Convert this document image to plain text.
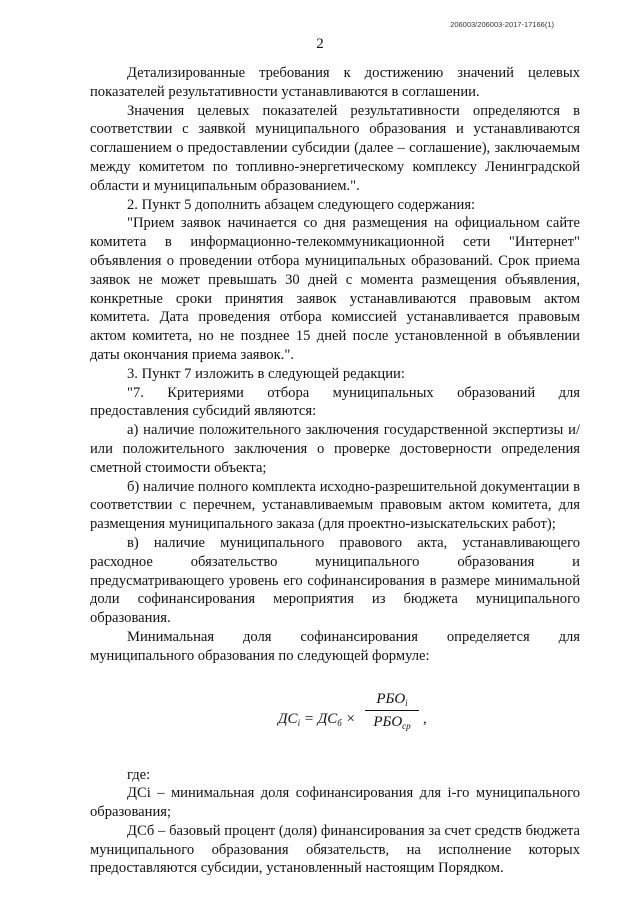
206003/206003-2017-17166(1)
2

Детализированные требования к достижению значений целевых показателей результативности устанавливаются в соглашении.

Значения целевых показателей результативности определяются в соответствии с заявкой муниципального образования и устанавливаются соглашением о предоставлении субсидии (далее – соглашение), заключаемым между комитетом по топливно-энергетическому комплексу Ленинградской области и муниципальным образованием.".

2. Пункт 5 дополнить абзацем следующего содержания:

"Прием заявок начинается со дня размещения на официальном сайте комитета в информационно-телекоммуникационной сети "Интернет" объявления о проведении отбора муниципальных образований. Срок приема заявок не может превышать 30 дней с момента размещения объявления, конкретные сроки принятия заявок устанавливаются правовым актом комитета. Дата проведения отбора комиссией устанавливается правовым актом комитета, но не позднее 15 дней после установленной в объявлении даты окончания приема заявок.".

3. Пункт 7 изложить в следующей редакции:

"7. Критериями отбора муниципальных образований для предоставления субсидий являются:

а) наличие положительного заключения государственной экспертизы и/или положительного заключения о проверке достоверности определения сметной стоимости объекта;

б) наличие полного комплекта исходно-разрешительной документации в соответствии с перечнем, устанавливаемым правовым актом комитета, для размещения муниципального заказа (для проектно-изыскательских работ);

в) наличие муниципального правового акта, устанавливающего расходное обязательство муниципального образования и предусматривающего уровень его софинансирования в размере минимальной доли софинансирования мероприятия из бюджета муниципального образования.

Минимальная доля софинансирования определяется для муниципального образования по следующей формуле:

$ДС_i = ДС_б$ ×
$РБО_i$
$РБО_{ср}$ ,

где:

ДСi – минимальная доля софинансирования для i-го муниципального образования;

ДСб – базовый процент (доля) финансирования за счет средств бюджета муниципального образования обязательств, на исполнение которых предоставляются субсидии, установленный настоящим Порядком.
